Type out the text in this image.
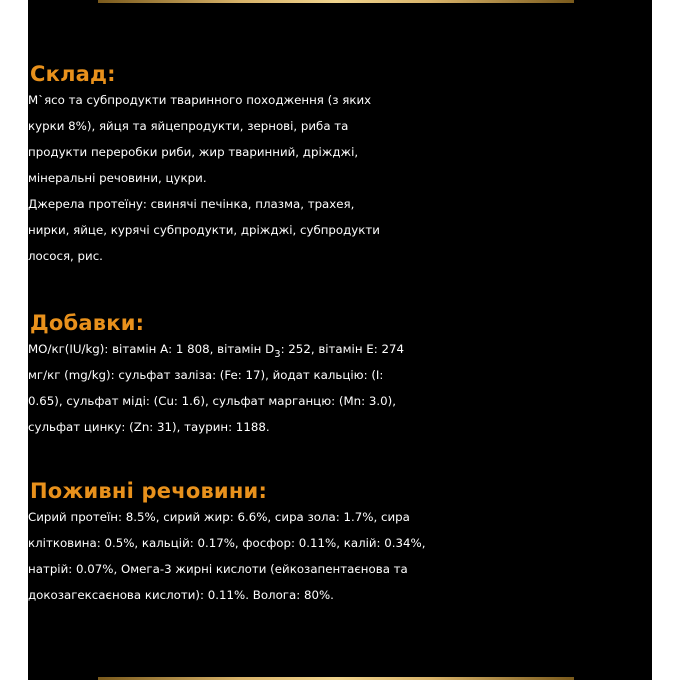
Склад:

М`ясо та субпродукти тваринного походження (з яких

курки 8%), яйця та яйцепродукти, зернові, риба та

продукти переробки риби, жир тваринний, дріжджі,

мінеральні речовини, цукри.

Джерела протеїну: свинячі печінка, плазма, трахея,

нирки, яйце, курячі субпродукти, дріжджі, субпродукти

лосося, рис.

Добавки:

МО/кг(IU/kg): вітамін А: 1 808, вітамін $D_3$: 252, вітамін Е: 274

мг/кг (mg/kg): сульфат заліза: (Fe: 17), йодат кальцію: (I:

0.65), сульфат міді: (Cu: 1.6), сульфат марганцю: (Mn: 3.0),

сульфат цинку: (Zn: 31), таурин: 1188.

Поживні речовини:

Сирий протеїн: 8.5%, сирий жир: 6.6%, сира зола: 1.7%, сира

клітковина: 0.5%, кальцій: 0.17%, фосфор: 0.11%, калій: 0.34%,

натрій: 0.07%, Омега-3 жирні кислоти (ейкозапентаєнова та

докозагексаєнова кислоти): 0.11%. Волога: 80%.
